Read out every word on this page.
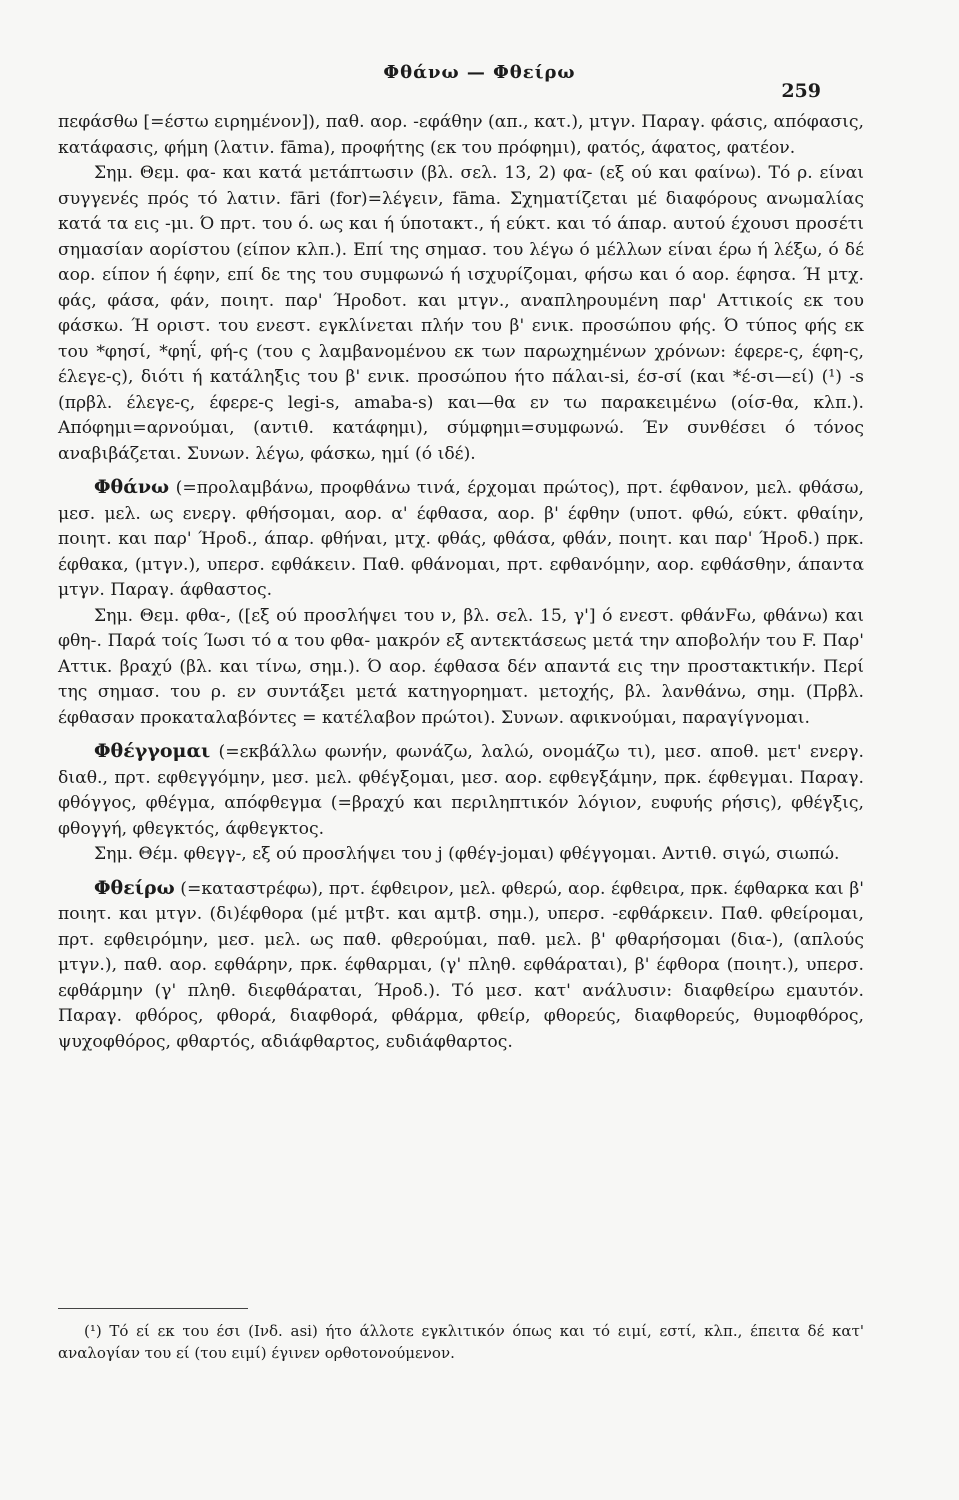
Φθάνω — Φθείρω
259

πεφάσθω [=έστω ειρημένον]), παθ. αορ. -εφάθην (απ., κατ.), μτγν. Παραγ. φάσις, απόφασις, κατάφασις, φήμη (λατιν. fāma), προφήτης (εκ του πρόφημι), φατός, άφατος, φατέον.

Σημ. Θεμ. φα- και κατά μετάπτωσιν (βλ. σελ. 13, 2) φα- (εξ ού και φαίνω). Τό ρ. είναι συγγενές πρός τό λατιν. fāri (for)=λέγειν, fāma. Σχηματίζεται μέ διαφόρους ανωμαλίας κατά τα εις -μι. Ό πρτ. του ό. ως και ή ύποτακτ., ή εύκτ. και τό άπαρ. αυτού έχουσι προσέτι σημασίαν αορίστου (είπον κλπ.). Επί της σημασ. του λέγω ό μέλλων είναι έρω ή λέξω, ό δέ αορ. είπον ή έφην, επί δε της του συμφωνώ ή ισχυρίζομαι, φήσω και ό αορ. έφησα. Ή μτχ. φάς, φάσα, φάν, ποιητ. παρ' Ήροδοτ. και μτγν., αναπληρουμένη παρ' Αττικοίς εκ του φάσκω. Ή οριστ. του ενεστ. εγκλίνεται πλήν του β' ενικ. προσώπου φής. Ό τύπος φής εκ του *φησί, *φηΐ, φή-ς (του ς λαμβανομένου εκ των παρωχημένων χρόνων: έφερε-ς, έφη-ς, έλεγε-ς), διότι ή κατάληξις του β' ενικ. προσώπου ήτο πάλαι-si, έσ-σί (και *έ-σι—εί) (¹) -s (πρβλ. έλεγε-ς, έφερε-ς legi-s, amaba-s) και—θα εν τω παρακειμένω (οίσ-θα, κλπ.). Απόφημι=αρνούμαι, (αντιθ. κατάφημι), σύμφημι=συμφωνώ. Έν συνθέσει ό τόνος αναβιβάζεται. Συνων. λέγω, φάσκω, ημί (ό ιδέ).

Φθάνω (=προλαμβάνω, προφθάνω τινά, έρχομαι πρώτος), πρτ. έφθανον, μελ. φθάσω, μεσ. μελ. ως ενεργ. φθήσομαι, αορ. α' έφθασα, αορ. β' έφθην (υποτ. φθώ, εύκτ. φθαίην, ποιητ. και παρ' Ήροδ., άπαρ. φθήναι, μτχ. φθάς, φθάσα, φθάν, ποιητ. και παρ' Ήροδ.) πρκ. έφθακα, (μτγν.), υπερσ. εφθάκειν. Παθ. φθάνομαι, πρτ. εφθανόμην, αορ. εφθάσθην, άπαντα μτγν. Παραγ. άφθαστος.

Σημ. Θεμ. φθα-, ([εξ ού προσλήψει του ν, βλ. σελ. 15, γ'] ό ενεστ. φθάνFω, φθάνω) και φθη-. Παρά τοίς Ίωσι τό α του φθα- μακρόν εξ αντεκτάσεως μετά την αποβολήν του F. Παρ' Αττικ. βραχύ (βλ. και τίνω, σημ.). Ό αορ. έφθασα δέν απαντά εις την προστακτικήν. Περί της σημασ. του ρ. εν συντάξει μετά κατηγορηματ. μετοχής, βλ. λανθάνω, σημ. (Πρβλ. έφθασαν προκαταλαβόντες = κατέλαβον πρώτοι). Συνων. αφικνούμαι, παραγίγνομαι.

Φθέγγομαι (=εκβάλλω φωνήν, φωνάζω, λαλώ, ονομάζω τι), μεσ. αποθ. μετ' ενεργ. διαθ., πρτ. εφθεγγόμην, μεσ. μελ. φθέγξομαι, μεσ. αορ. εφθεγξάμην, πρκ. έφθεγμαι. Παραγ. φθόγγος, φθέγμα, απόφθεγμα (=βραχύ και περιληπτικόν λόγιον, ευφυής ρήσις), φθέγξις, φθογγή, φθεγκτός, άφθεγκτος.

Σημ. Θέμ. φθεγγ-, εξ ού προσλήψει του j (φθέγ-jομαι) φθέγγομαι. Αντιθ. σιγώ, σιωπώ.

Φθείρω (=καταστρέφω), πρτ. έφθειρον, μελ. φθερώ, αορ. έφθειρα, πρκ. έφθαρκα και β' ποιητ. και μτγν. (δι)έφθορα (μέ μτβτ. και αμτβ. σημ.), υπερσ. -εφθάρκειν. Παθ. φθείρομαι, πρτ. εφθειρόμην, μεσ. μελ. ως παθ. φθερούμαι, παθ. μελ. β' φθαρήσομαι (δια-), (απλούς μτγν.), παθ. αορ. εφθάρην, πρκ. έφθαρμαι, (γ' πληθ. εφθάραται), β' έφθορα (ποιητ.), υπερσ. εφθάρμην (γ' πληθ. διεφθάραται, Ήροδ.). Τό μεσ. κατ' ανάλυσιν: διαφθείρω εμαυτόν. Παραγ. φθόρος, φθορά, διαφθορά, φθάρμα, φθείρ, φθορεύς, διαφθορεύς, θυμοφθόρος, ψυχοφθόρος, φθαρτός, αδιάφθαρτος, ευδιάφθαρτος.

(¹) Τό εί εκ του έσι (Ινδ. asi) ήτο άλλοτε εγκλιτικόν όπως και τό ειμί, εστί, κλπ., έπειτα δέ κατ' αναλογίαν του εί (του ειμί) έγινεν ορθοτονούμενον.
